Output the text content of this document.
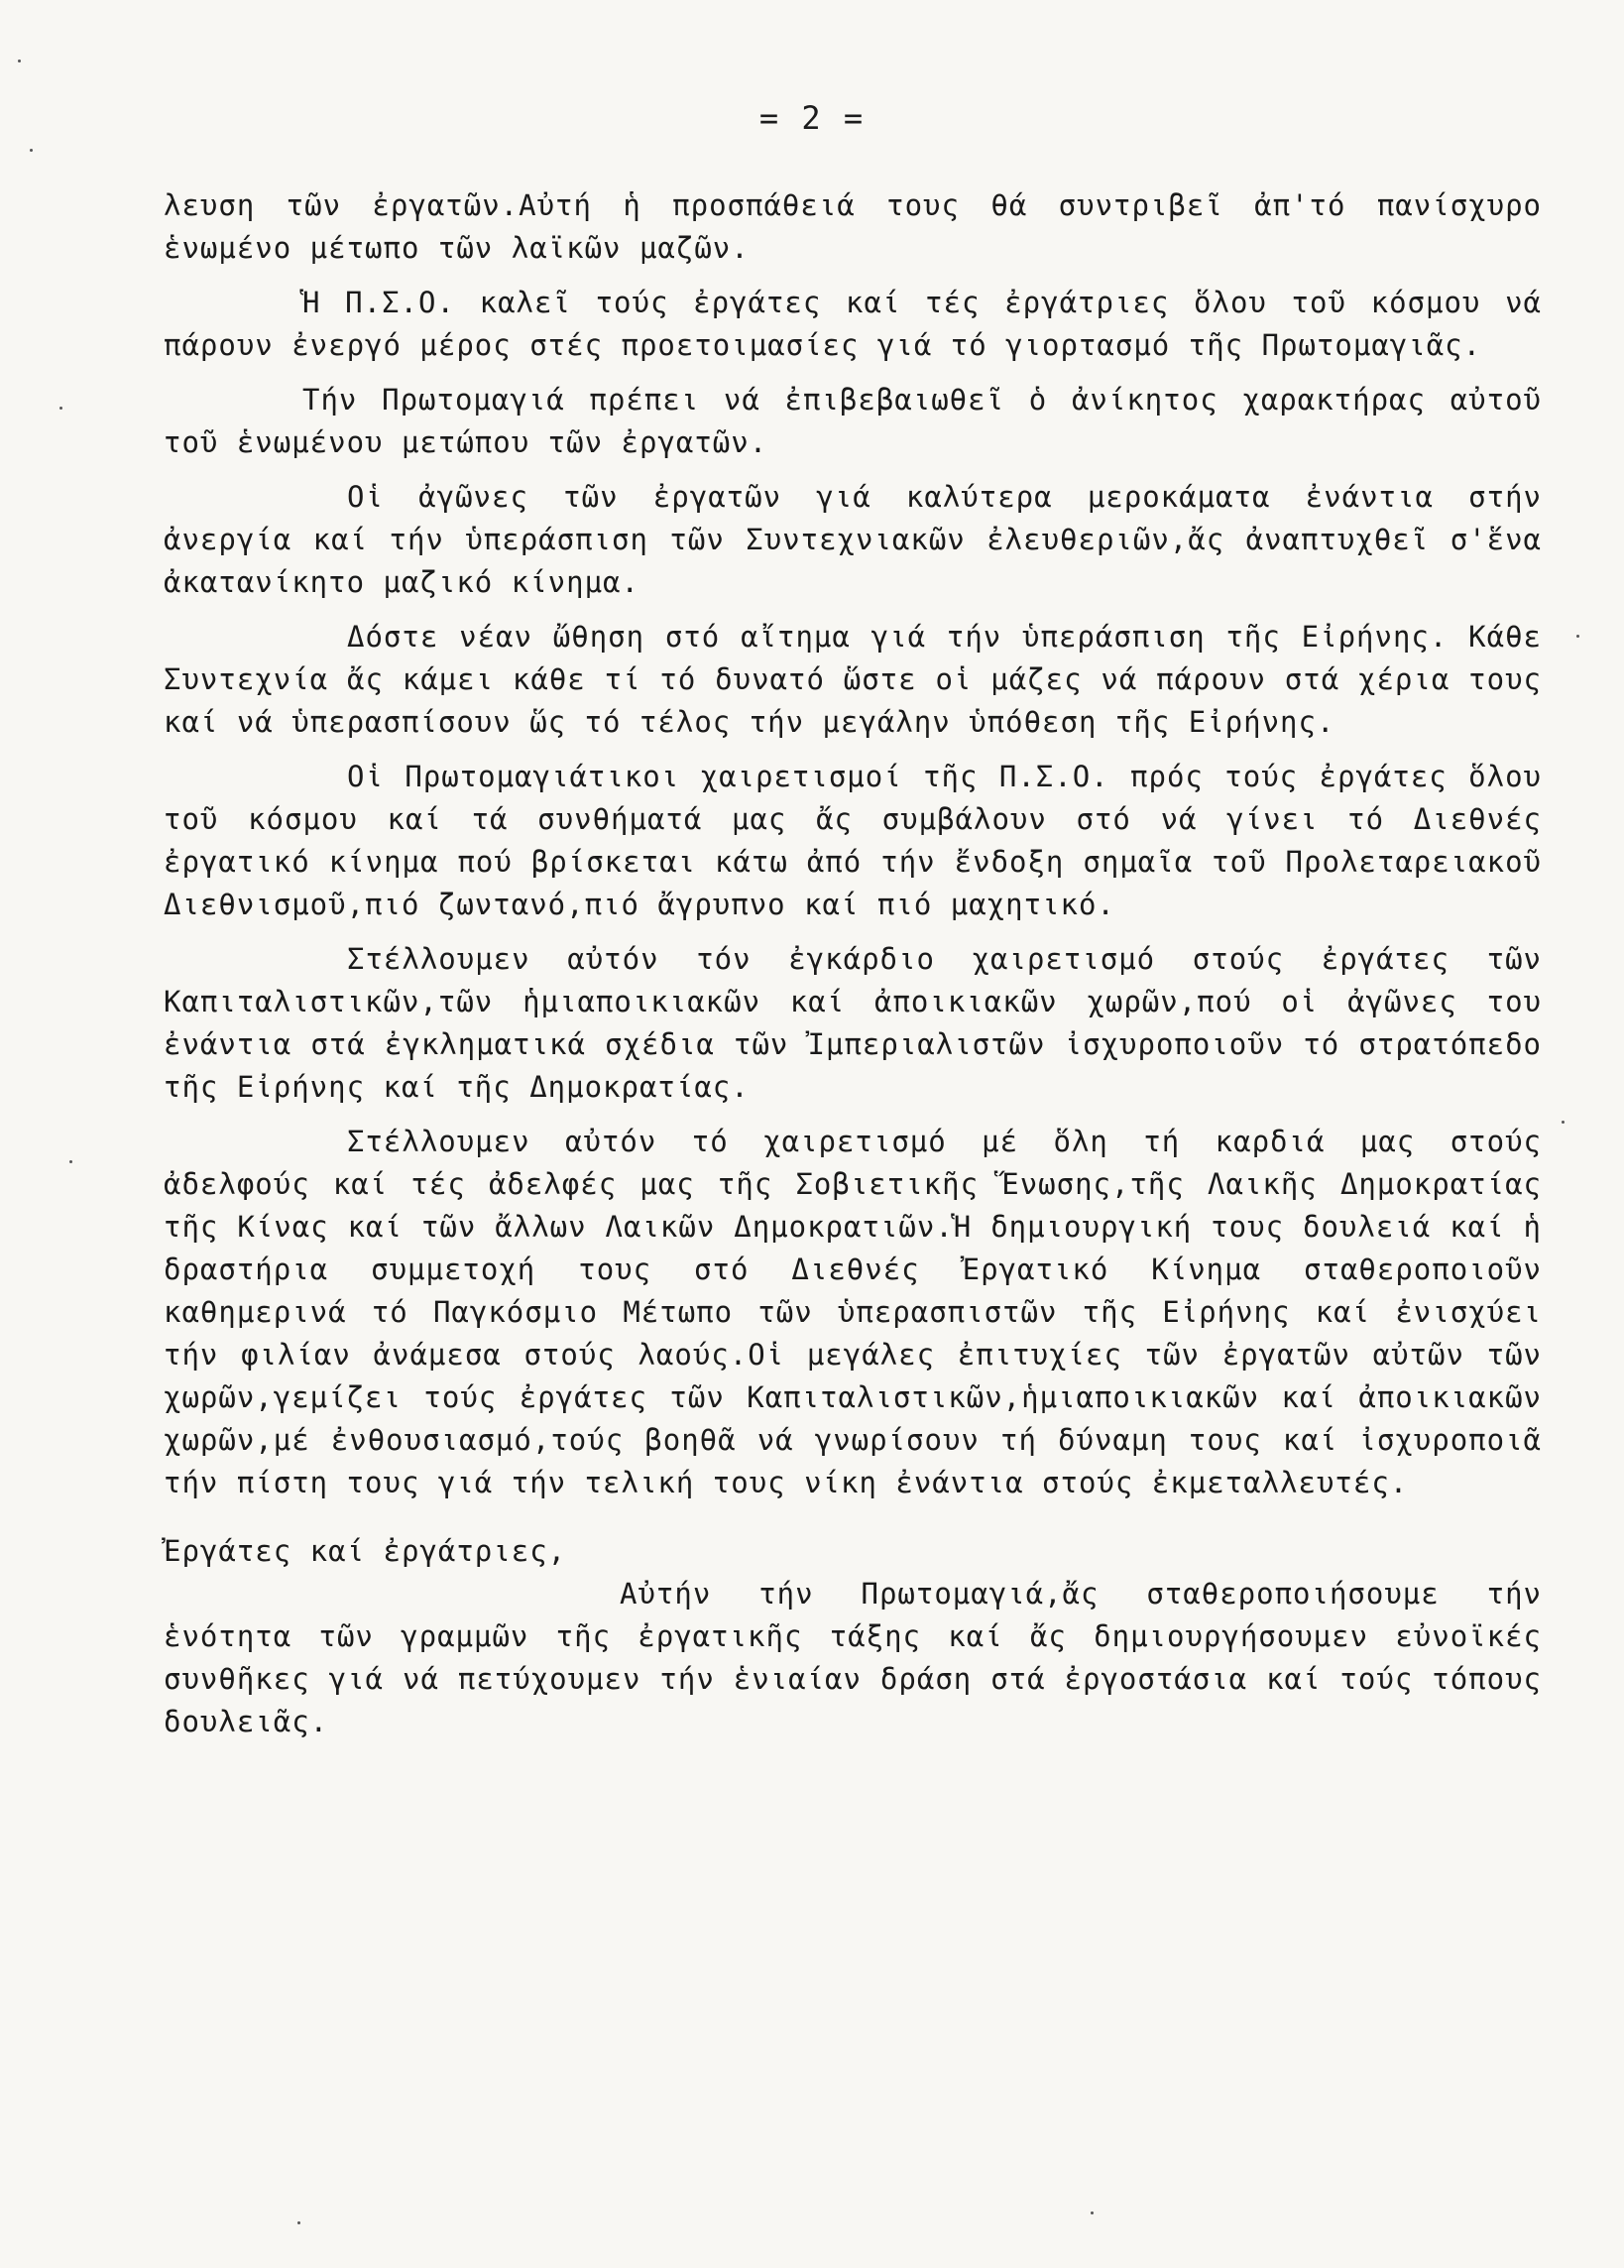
= 2 =

λευση τῶν ἐργατῶν.Αὐτή ἡ προσπάθειά τους θά συντριβεῖ ἀπ'τό πανίσχυρο ἑνωμένο μέτωπο τῶν λαϊκῶν μαζῶν.

Ἡ Π.Σ.Ο. καλεῖ τούς ἐργάτες καί τές ἐργάτριες ὅλου τοῦ κόσμου νά πάρουν ἐνεργό μέρος στές προετοιμασίες γιά τό γιορτασμό τῆς Πρωτομαγιᾶς.

Τήν Πρωτομαγιά πρέπει νά ἐπιβεβαιωθεῖ ὁ ἀνίκητος χαρακτήρας αὐτοῦ τοῦ ἑνωμένου μετώπου τῶν ἐργατῶν.

Οἱ ἀγῶνες τῶν ἐργατῶν γιά καλύτερα μεροκάματα ἐνάντια στήν ἀνεργία καί τήν ὑπεράσπιση τῶν Συντεχνιακῶν ἐλευθεριῶν,ἄς ἀναπτυχθεῖ σ'ἕνα ἀκατανίκητο μαζικό κίνημα.

Δόστε νέαν ὤθηση στό αἴτημα γιά τήν ὑπεράσπιση τῆς Εἰρήνης. Κάθε Συντεχνία ἄς κάμει κάθε τί τό δυνατό ὥστε οἱ μάζες νά πάρουν στά χέρια τους καί νά ὑπερασπίσουν ὥς τό τέλος τήν μεγάλην ὑπόθεση τῆς Εἰρήνης.

Οἱ Πρωτομαγιάτικοι χαιρετισμοί τῆς Π.Σ.Ο. πρός τούς ἐργάτες ὅλου τοῦ κόσμου καί τά συνθήματά μας ἄς συμβάλουν στό νά γίνει τό Διεθνές ἐργατικό κίνημα πού βρίσκεται κάτω ἀπό τήν ἔνδοξη σημαῖα τοῦ Προλεταρειακοῦ Διεθνισμοῦ,πιό ζωντανό,πιό ἄγρυπνο καί πιό μαχητικό.

Στέλλουμεν αὐτόν τόν ἐγκάρδιο χαιρετισμό στούς ἐργάτες τῶν Καπιταλιστικῶν,τῶν ἡμιαποικιακῶν καί ἀποικιακῶν χωρῶν,πού οἱ ἀγῶνες του ἐνάντια στά ἐγκληματικά σχέδια τῶν Ἰμπεριαλιστῶν ἰσχυροποιοῦν τό στρατόπεδο τῆς Εἰρήνης καί τῆς Δημοκρατίας.

Στέλλουμεν αὐτόν τό χαιρετισμό μέ ὅλη τή καρδιά μας στούς ἀδελφούς καί τές ἀδελφές μας τῆς Σοβιετικῆς Ἕνωσης,τῆς Λαικῆς Δημοκρατίας τῆς Κίνας καί τῶν ἄλλων Λαικῶν Δημοκρατιῶν.Ἡ δημιουργική τους δουλειά καί ἡ δραστήρια συμμετοχή τους στό Διεθνές Ἐργατικό Κίνημα σταθεροποιοῦν καθημερινά τό Παγκόσμιο Μέτωπο τῶν ὑπερασπιστῶν τῆς Εἰρήνης καί ἐνισχύει τήν φιλίαν ἀνάμεσα στούς λαούς.Οἱ μεγάλες ἐπιτυχίες τῶν ἐργατῶν αὐτῶν τῶν χωρῶν,γεμίζει τούς ἐργάτες τῶν Καπιταλιστικῶν,ἡμιαποικιακῶν καί ἀποικιακῶν χωρῶν,μέ ἐνθουσιασμό,τούς βοηθᾶ νά γνωρίσουν τή δύναμη τους καί ἰσχυροποιᾶ τήν πίστη τους γιά τήν τελική τους νίκη ἐνάντια στούς ἐκμεταλλευτές.

Ἐργάτες καί ἐργάτριες,

Αὐτήν τήν Πρωτομαγιά,ἄς σταθεροποιήσουμε τήν ἑνότητα τῶν γραμμῶν τῆς ἐργατικῆς τάξης καί ἄς δημιουργήσουμεν εὐνοϊκές συνθῆκες γιά νά πετύχουμεν τήν ἑνιαίαν δράση στά ἐργοστάσια καί τούς τόπους δουλειᾶς.
